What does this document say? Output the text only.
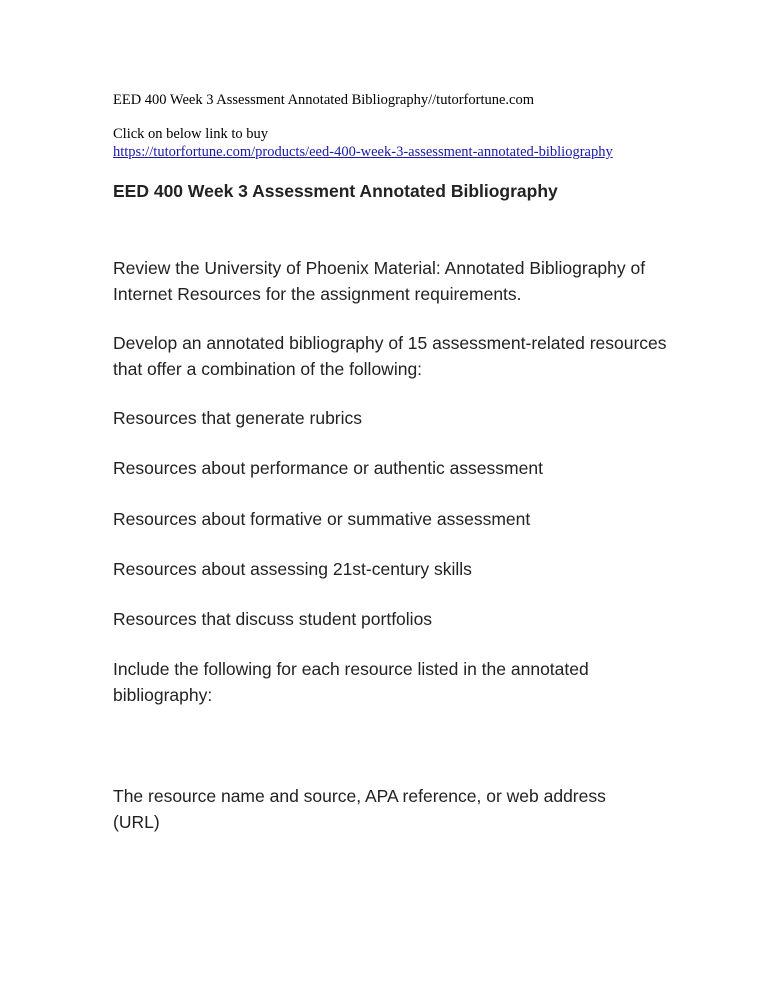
EED 400 Week 3 Assessment Annotated Bibliography//tutorfortune.com

Click on below link to buy

https://tutorfortune.com/products/eed-400-week-3-assessment-annotated-bibliography
EED 400 Week 3 Assessment Annotated Bibliography

Review the University of Phoenix Material: Annotated Bibliography of Internet Resources for the assignment requirements.

Develop an annotated bibliography of 15 assessment-related resources that offer a combination of the following:

Resources that generate rubrics

Resources about performance or authentic assessment

Resources about formative or summative assessment

Resources about assessing 21st-century skills

Resources that discuss student portfolios

Include the following for each resource listed in the annotated bibliography:

The resource name and source, APA reference, or web address (URL)
